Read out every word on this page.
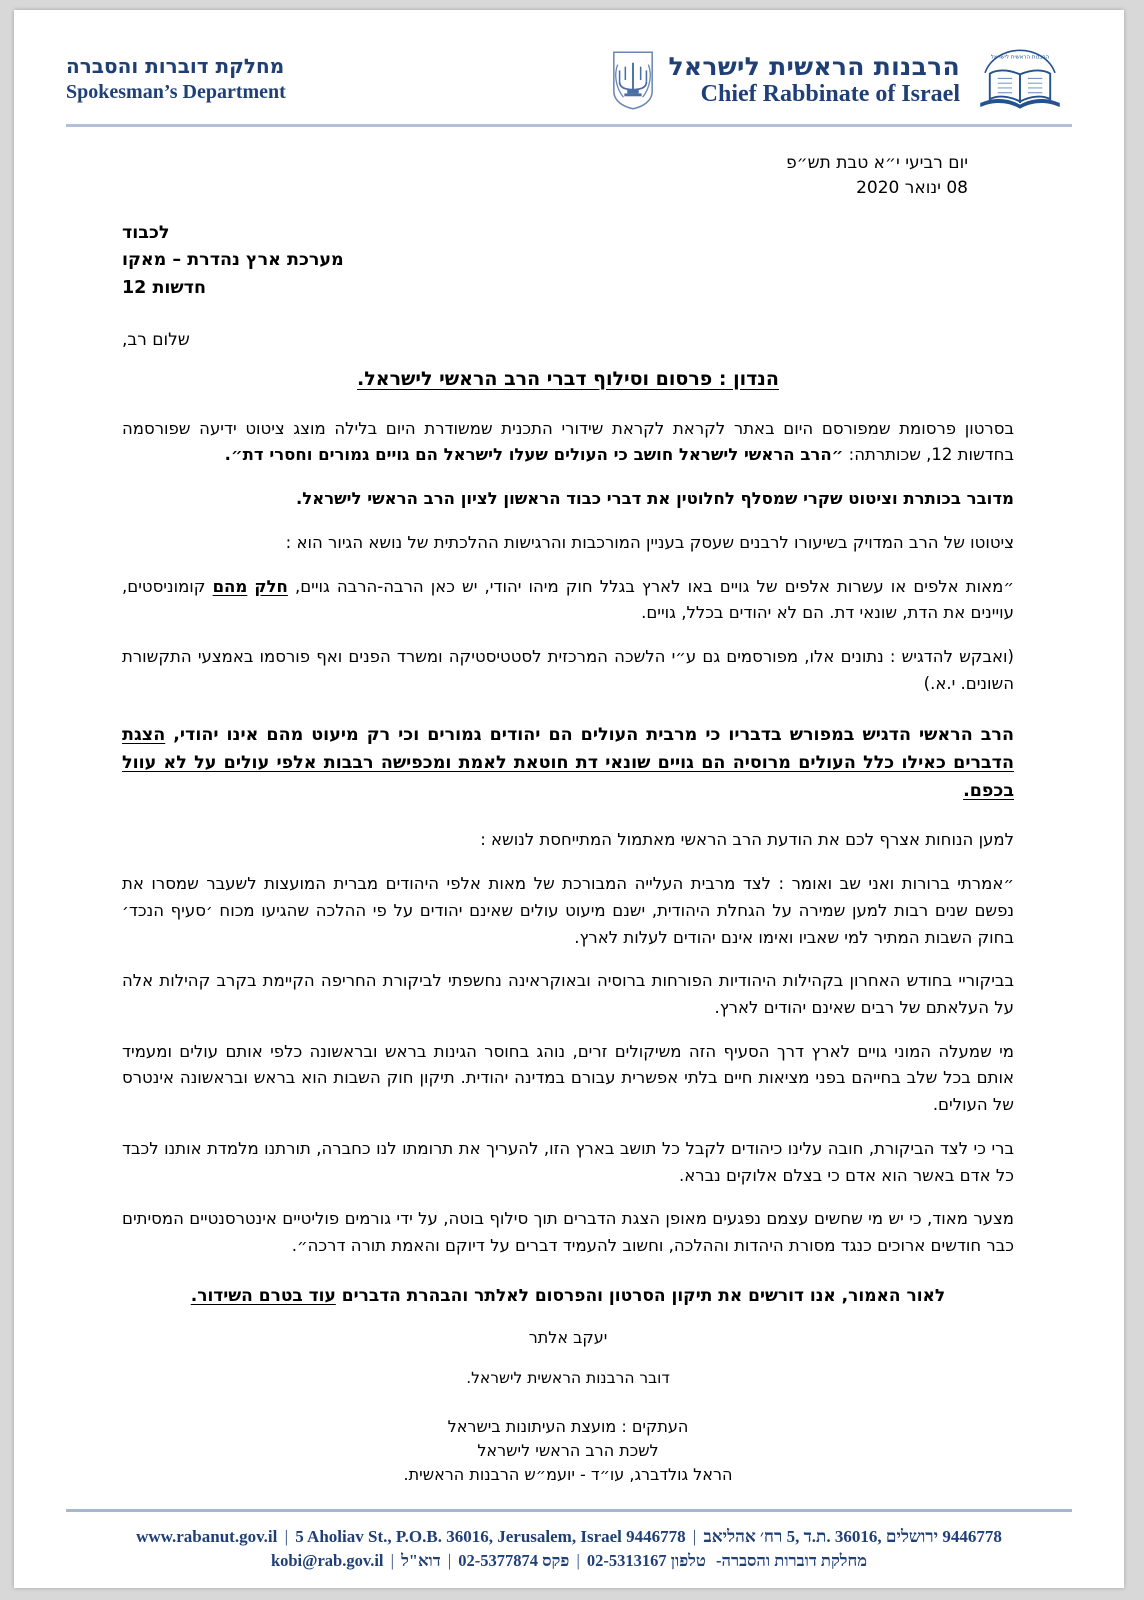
הרבנות הראשית לישראל
הרבנות הראשית לישראל
Chief Rabbinate of Israel
מחלקת דוברות והסברה
Spokesman’s Department
יום רביעי י״א טבת תש״פ
08 ינואר 2020
לכבוד
מערכת ארץ נהדרת – מאקו
חדשות 12
שלום רב,
הנדון : פרסום וסילוף דברי הרב הראשי לישראל.

בסרטון פרסומת שמפורסם היום באתר לקראת לקראת שידורי התכנית שמשודרת היום בלילה מוצג ציטוט ידיעה שפורסמה בחדשות 12, שכותרתה: ״הרב הראשי לישראל חושב כי העולים שעלו לישראל הם גויים גמורים וחסרי דת״.

מדובר בכותרת וציטוט שקרי שמסלף לחלוטין את דברי כבוד הראשון לציון הרב הראשי לישראל.

ציטוטו של הרב המדויק בשיעורו לרבנים שעסק בעניין המורכבות והרגישות ההלכתית של נושא הגיור הוא :

״מאות אלפים או עשרות אלפים של גויים באו לארץ בגלל חוק מיהו יהודי, יש כאן הרבה-הרבה גויים, חלק מהם קומוניסטים, עויינים את הדת, שונאי דת. הם לא יהודים בכלל, גויים.

(ואבקש להדגיש : נתונים אלו, מפורסמים גם ע״י הלשכה המרכזית לסטטיסטיקה ומשרד הפנים ואף פורסמו באמצעי התקשורת השונים. י.א.)

הרב הראשי הדגיש במפורש בדבריו כי מרבית העולים הם יהודים גמורים וכי רק מיעוט מהם אינו יהודי, הצגת הדברים כאילו כלל העולים מרוסיה הם גויים שונאי דת חוטאת לאמת ומכפישה רבבות אלפי עולים על לא עוול בכפם.

למען הנוחות אצרף לכם את הודעת הרב הראשי מאתמול המתייחסת לנושא :

״אמרתי ברורות ואני שב ואומר : לצד מרבית העלייה המבורכת של מאות אלפי היהודים מברית המועצות לשעבר שמסרו את נפשם שנים רבות למען שמירה על הגחלת היהודית, ישנם מיעוט עולים שאינם יהודים על פי ההלכה שהגיעו מכוח ׳סעיף הנכד׳ בחוק השבות המתיר למי שאביו ואימו אינם יהודים לעלות לארץ.

בביקוריי בחודש האחרון בקהילות היהודיות הפורחות ברוסיה ובאוקראינה נחשפתי לביקורת החריפה הקיימת בקרב קהילות אלה על העלאתם של רבים שאינם יהודים לארץ.

מי שמעלה המוני גויים לארץ דרך הסעיף הזה משיקולים זרים, נוהג בחוסר הגינות בראש ובראשונה כלפי אותם עולים ומעמיד אותם בכל שלב בחייהם בפני מציאות חיים בלתי אפשרית עבורם במדינה יהודית. תיקון חוק השבות הוא בראש ובראשונה אינטרס של העולים.

ברי כי לצד הביקורת, חובה עלינו כיהודים לקבל כל תושב בארץ הזו, להעריך את תרומתו לנו כחברה, תורתנו מלמדת אותנו לכבד כל אדם באשר הוא אדם כי בצלם אלוקים נברא.

מצער מאוד, כי יש מי שחשים עצמם נפגעים מאופן הצגת הדברים תוך סילוף בוטה, על ידי גורמים פוליטיים אינטרסנטיים המסיתים כבר חודשים ארוכים כנגד מסורת היהדות וההלכה, וחשוב להעמיד דברים על דיוקם והאמת תורה דרכה״.

לאור האמור, אנו דורשים את תיקון הסרטון והפרסום לאלתר והבהרת הדברים עוד בטרם השידור.
יעקב אלתר
דובר הרבנות הראשית לישראל.
העתקים : מועצת העיתונות בישראל
לשכת הרב הראשי לישראל
הראל גולדברג, עו״ד - יועמ״ש הרבנות הראשית.
www.rabanut.gov.il | 5 Aholiav St., P.O.B. 36016, Jerusalem, Israel 9446778 | 9446778 ירושלים ,36016 .ת.ד ,5 רח׳ אהליאב
kobi@rab.gov.il | דוא"ל | 02-5377874 פקס | 02-5313167 טלפון מחלקת דוברות והסברה-
